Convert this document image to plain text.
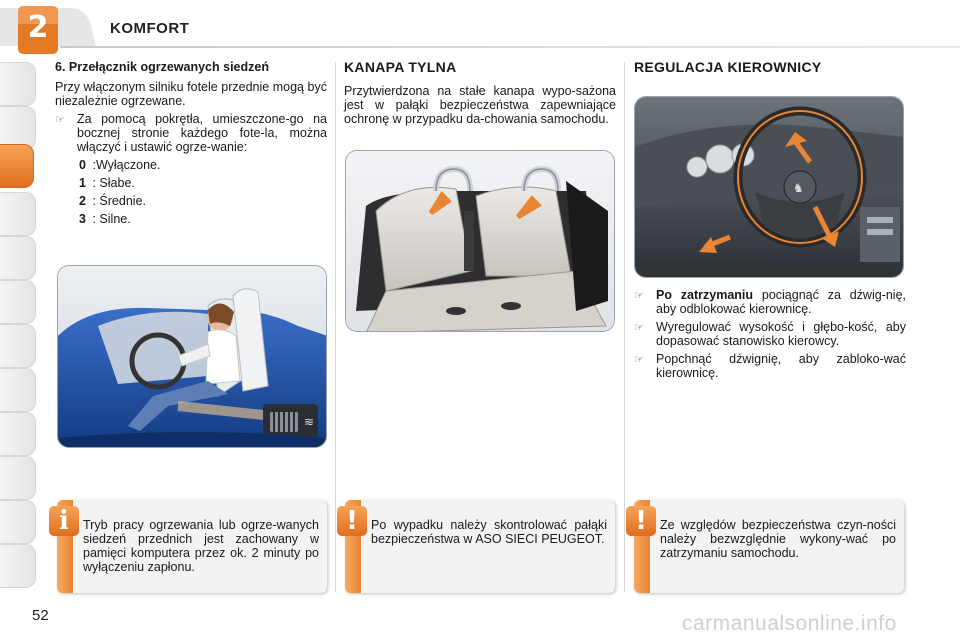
2	KOMFORT
6. Przełącznik ogrzewanych siedzeń
Przy włączonym silniku fotele przednie mogą być niezależnie ogrzewane.
☞ Za pomocą pokrętła, umieszczone-go na bocznej stronie każdego fote-la, można włączyć i ustawić ogrze-wanie:
0 :Wyłączone.
1 : Słabe.
2 : Średnie.
3 : Silne.
≋
i	Tryb pracy ogrzewania lub ogrze-wanych siedzeń przednich jest zachowany w pamięci komputera przez ok. 2 minuty po wyłączeniu zapłonu.
KANAPA TYLNA
Przytwierdzona na stałe kanapa wypo-sażona jest w pałąki bezpieczeństwa zapewniające ochronę w przypadku da-chowania samochodu.
!	Po wypadku należy skontrolować pałąki bezpieczeństwa w ASO SIECI PEUGEOT.
REGULACJA KIEROWNICY
♞
☞ Po zatrzymaniu pociągnąć za dźwig-nię, aby odblokować kierownicę.
☞ Wyregulować wysokość i głębo-kość, aby dopasować stanowisko kierowcy.
☞ Popchnąć dźwignię, aby zabloko-wać kierownicę.
!	Ze względów bezpieczeństwa czyn-ności należy bezwzględnie wykony-wać po zatrzymaniu samochodu.
52	carmanualsonline.info
